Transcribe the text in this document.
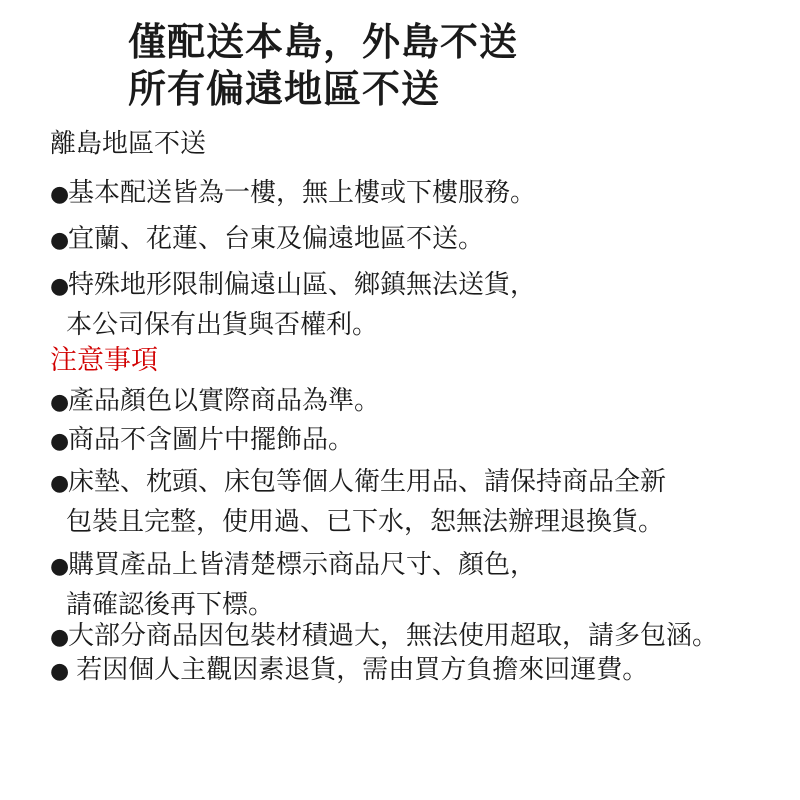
僅配送本島，外島不送
所有偏遠地區不送
離島地區不送
●基本配送皆為一樓，無上樓或下樓服務。
●宜蘭、花蓮、台東及偏遠地區不送。
●特殊地形限制偏遠山區、鄉鎮無法送貨，
本公司保有出貨與否權利。
注意事項
●產品顏色以實際商品為準。
●商品不含圖片中擺飾品。
●床墊、枕頭、床包等個人衛生用品、請保持商品全新
包裝且完整，使用過、已下水，恕無法辦理退換貨。
●購買產品上皆清楚標示商品尺寸、顏色，
請確認後再下標。
●大部分商品因包裝材積過大，無法使用超取，請多包涵。
● 若因個人主觀因素退貨，需由買方負擔來回運費。
